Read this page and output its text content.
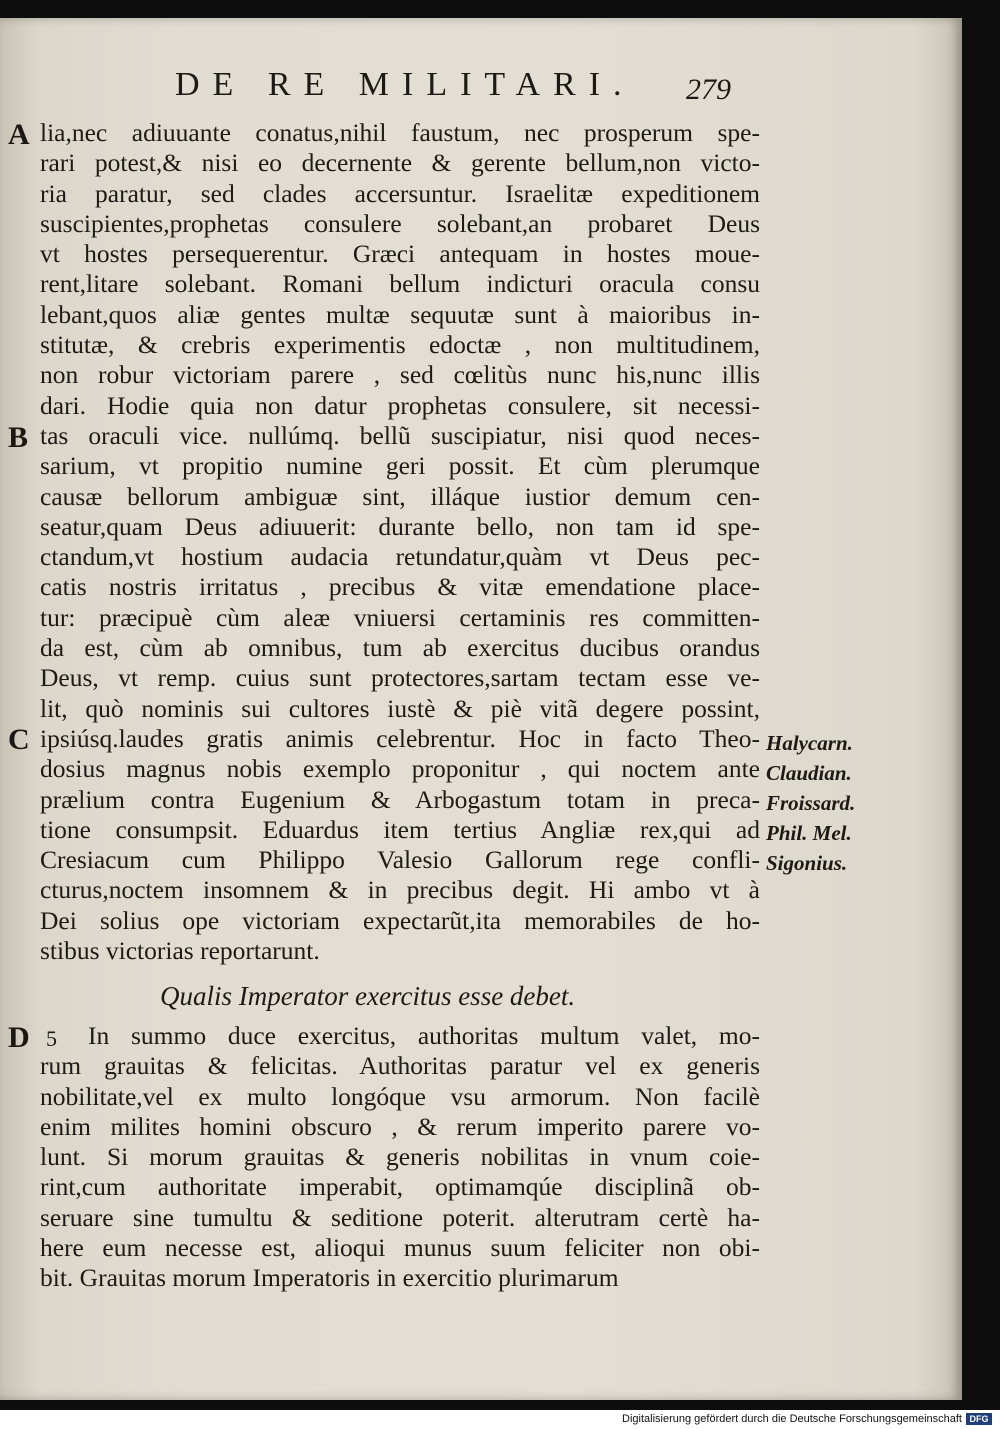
DE RE MILITARI.	279
A
B
C
D
Halycarn.
Claudian.
Froissard.
Phil. Mel.
Sigonius.
lia,nec adiuuante conatus,nihil faustum, nec prosperum spe-
rari potest,& nisi eo decernente & gerente bellum,non victo-
ria paratur, sed clades accersuntur. Israelitæ expeditionem
suscipientes,prophetas consulere solebant,an probaret Deus
vt hostes persequerentur. Græci antequam in hostes moue-
rent,litare solebant. Romani bellum indicturi oracula consu
lebant,quos aliæ gentes multæ sequutæ sunt à maioribus in-
stitutæ, & crebris experimentis edoctæ , non multitudinem,
non robur victoriam parere , sed cœlitùs nunc his,nunc illis
dari. Hodie quia non datur prophetas consulere, sit necessi-
tas oraculi vice. nullúmq. bellũ suscipiatur, nisi quod neces-
sarium, vt propitio numine geri possit. Et cùm plerumque
causæ bellorum ambiguæ sint, illáque iustior demum cen-
seatur,quam Deus adiuuerit: durante bello, non tam id spe-
ctandum,vt hostium audacia retundatur,quàm vt Deus pec-
catis nostris irritatus , precibus & vitæ emendatione place-
tur: præcipuè cùm aleæ vniuersi certaminis res committen-
da est, cùm ab omnibus, tum ab exercitus ducibus orandus
Deus, vt remp. cuius sunt protectores,sartam tectam esse ve-
lit, quò nominis sui cultores iustè & piè vitã degere possint,
ipsiúsq.laudes gratis animis celebrentur. Hoc in facto Theo-
dosius magnus nobis exemplo proponitur , qui noctem ante
prælium contra Eugenium & Arbogastum totam in preca-
tione consumpsit. Eduardus item tertius Angliæ rex,qui ad
Cresiacum cum Philippo Valesio Gallorum rege confli-
cturus,noctem insomnem & in precibus degit. Hi ambo vt à
Dei solius ope victoriam expectarũt,ita memorabiles de ho-
stibus victorias reportarunt.
Qualis Imperator exercitus esse debet.
5	In summo duce exercitus, authoritas multum valet, mo-
rum grauitas & felicitas. Authoritas paratur vel ex generis
nobilitate,vel ex multo longóque vsu armorum. Non facilè
enim milites homini obscuro , & rerum imperito parere vo-
lunt. Si morum grauitas & generis nobilitas in vnum coie-
rint,cum authoritate imperabit, optimamqúe disciplinã ob-
seruare sine tumultu & seditione poterit. alterutram certè ha-
here eum necesse est, alioqui munus suum feliciter non obi-
bit. Grauitas morum Imperatoris in exercitio plurimarum
Digitalisierung gefördert durch die Deutsche Forschungsgemeinschaft DFG
